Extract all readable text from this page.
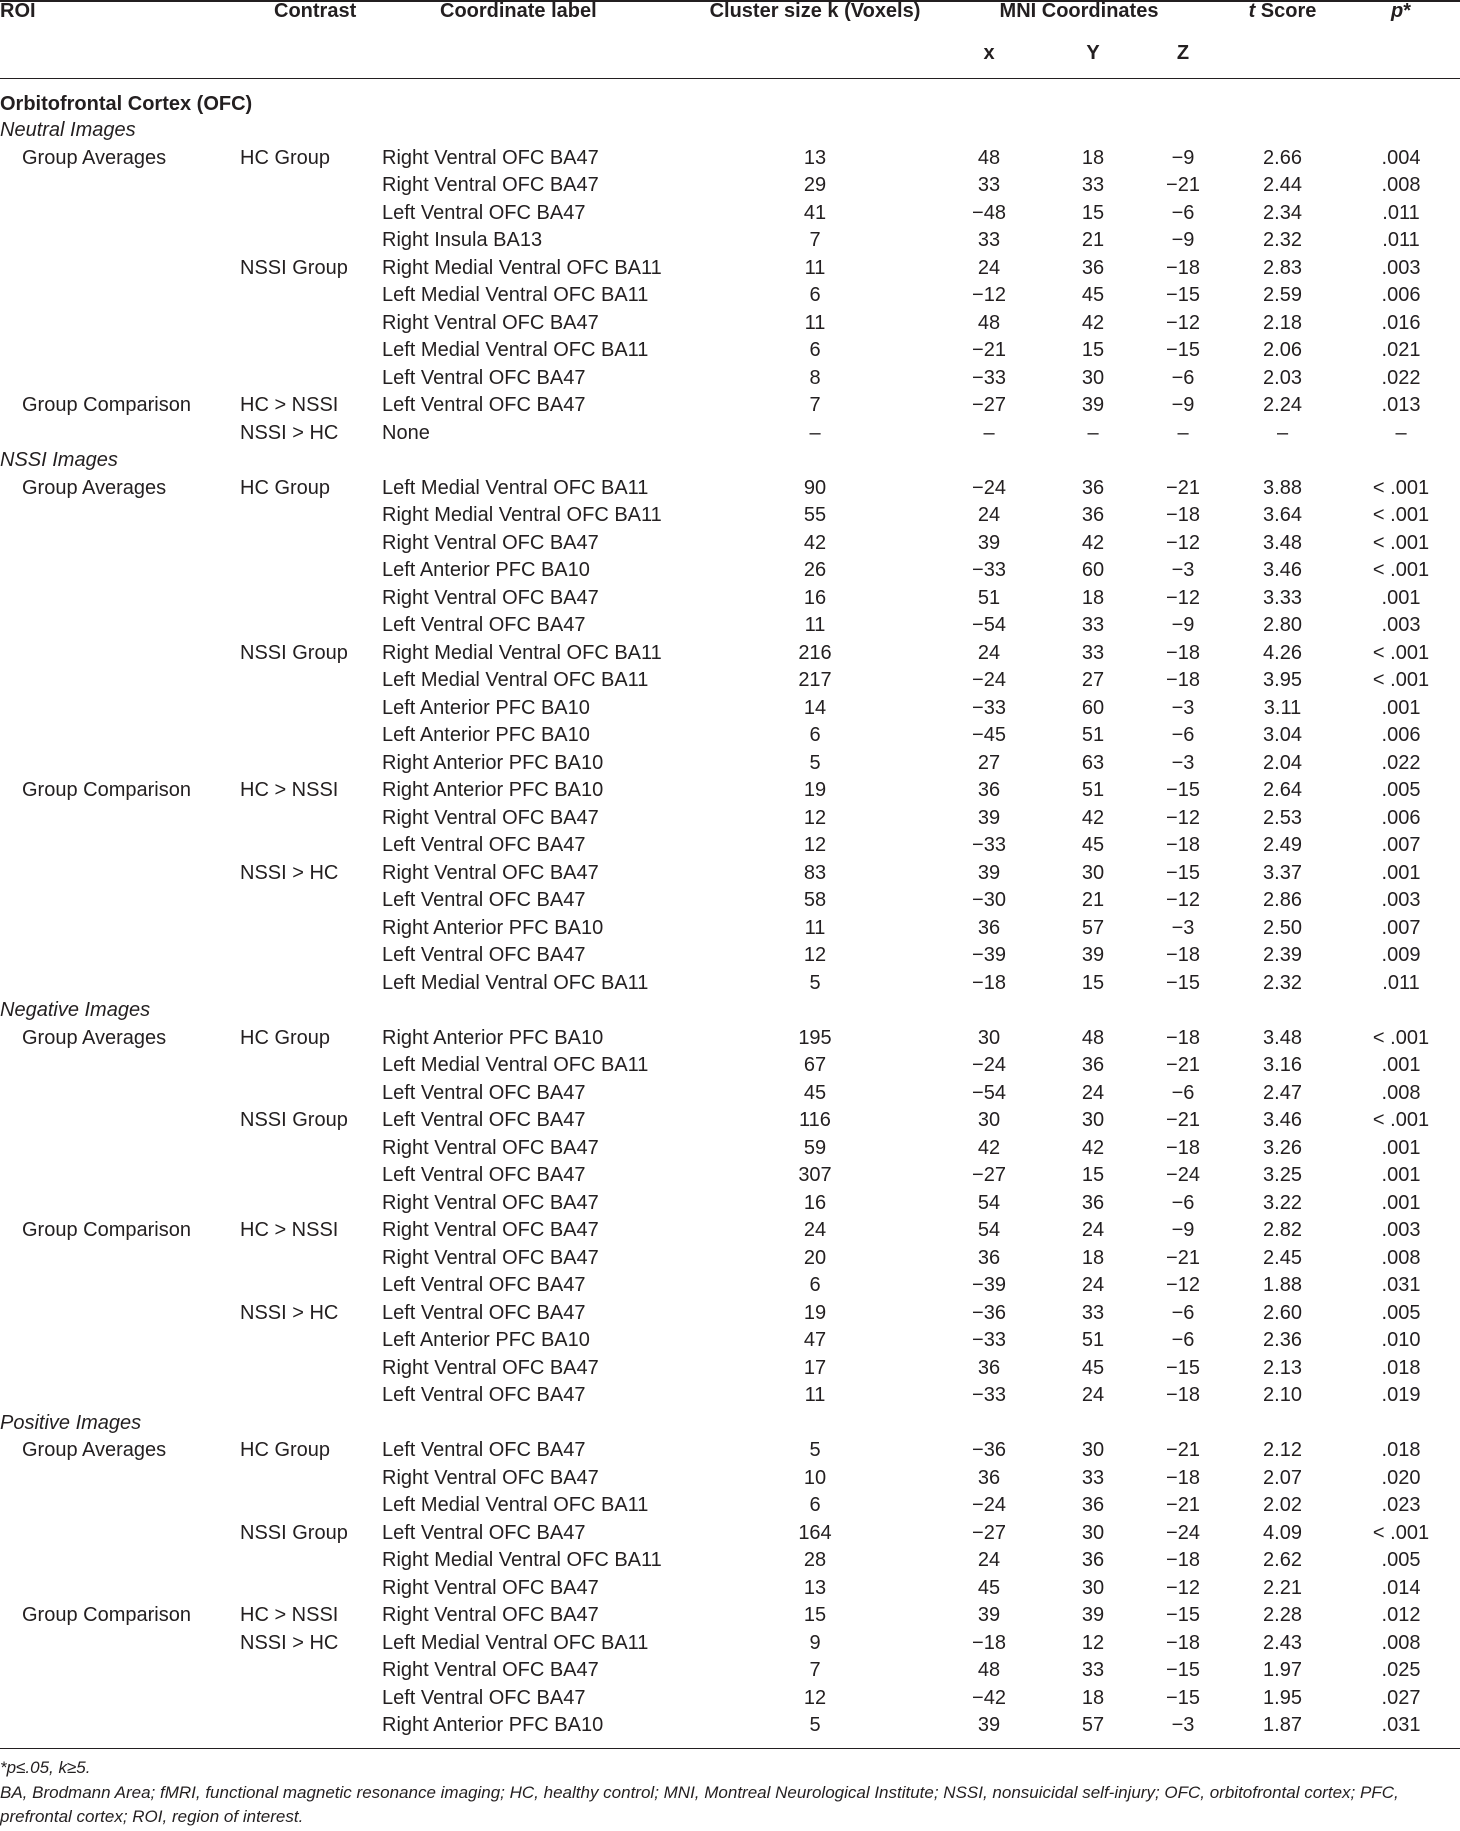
ROI	Contrast	Coordinate label	Cluster size k (Voxels)	MNI Coordinates			t Score	p*
				x	Y	Z		
Orbitofrontal Cortex (OFC)								
Neutral Images								
Group Averages	HC Group	Right Ventral OFC BA47	13	48	18	−9	2.66	.004
		Right Ventral OFC BA47	29	33	33	−21	2.44	.008
		Left Ventral OFC BA47	41	−48	15	−6	2.34	.011
		Right Insula BA13	7	33	21	−9	2.32	.011
	NSSI Group	Right Medial Ventral OFC BA11	11	24	36	−18	2.83	.003
		Left Medial Ventral OFC BA11	6	−12	45	−15	2.59	.006
		Right Ventral OFC BA47	11	48	42	−12	2.18	.016
		Left Medial Ventral OFC BA11	6	−21	15	−15	2.06	.021
		Left Ventral OFC BA47	8	−33	30	−6	2.03	.022
Group Comparison	HC > NSSI	Left Ventral OFC BA47	7	−27	39	−9	2.24	.013
	NSSI > HC	None	–	–	–	–	–	–
NSSI Images								
Group Averages	HC Group	Left Medial Ventral OFC BA11	90	−24	36	−21	3.88	< .001
		Right Medial Ventral OFC BA11	55	24	36	−18	3.64	< .001
		Right Ventral OFC BA47	42	39	42	−12	3.48	< .001
		Left Anterior PFC BA10	26	−33	60	−3	3.46	< .001
		Right Ventral OFC BA47	16	51	18	−12	3.33	.001
		Left Ventral OFC BA47	11	−54	33	−9	2.80	.003
	NSSI Group	Right Medial Ventral OFC BA11	216	24	33	−18	4.26	< .001
		Left Medial Ventral OFC BA11	217	−24	27	−18	3.95	< .001
		Left Anterior PFC BA10	14	−33	60	−3	3.11	.001
		Left Anterior PFC BA10	6	−45	51	−6	3.04	.006
		Right Anterior PFC BA10	5	27	63	−3	2.04	.022
Group Comparison	HC > NSSI	Right Anterior PFC BA10	19	36	51	−15	2.64	.005
		Right Ventral OFC BA47	12	39	42	−12	2.53	.006
		Left Ventral OFC BA47	12	−33	45	−18	2.49	.007
	NSSI > HC	Right Ventral OFC BA47	83	39	30	−15	3.37	.001
		Left Ventral OFC BA47	58	−30	21	−12	2.86	.003
		Right Anterior PFC BA10	11	36	57	−3	2.50	.007
		Left Ventral OFC BA47	12	−39	39	−18	2.39	.009
		Left Medial Ventral OFC BA11	5	−18	15	−15	2.32	.011
Negative Images								
Group Averages	HC Group	Right Anterior PFC BA10	195	30	48	−18	3.48	< .001
		Left Medial Ventral OFC BA11	67	−24	36	−21	3.16	.001
		Left Ventral OFC BA47	45	−54	24	−6	2.47	.008
	NSSI Group	Left Ventral OFC BA47	116	30	30	−21	3.46	< .001
		Right Ventral OFC BA47	59	42	42	−18	3.26	.001
		Left Ventral OFC BA47	307	−27	15	−24	3.25	.001
		Right Ventral OFC BA47	16	54	36	−6	3.22	.001
Group Comparison	HC > NSSI	Right Ventral OFC BA47	24	54	24	−9	2.82	.003
		Right Ventral OFC BA47	20	36	18	−21	2.45	.008
		Left Ventral OFC BA47	6	−39	24	−12	1.88	.031
	NSSI > HC	Left Ventral OFC BA47	19	−36	33	−6	2.60	.005
		Left Anterior PFC BA10	47	−33	51	−6	2.36	.010
		Right Ventral OFC BA47	17	36	45	−15	2.13	.018
		Left Ventral OFC BA47	11	−33	24	−18	2.10	.019
Positive Images								
Group Averages	HC Group	Left Ventral OFC BA47	5	−36	30	−21	2.12	.018
		Right Ventral OFC BA47	10	36	33	−18	2.07	.020
		Left Medial Ventral OFC BA11	6	−24	36	−21	2.02	.023
	NSSI Group	Left Ventral OFC BA47	164	−27	30	−24	4.09	< .001
		Right Medial Ventral OFC BA11	28	24	36	−18	2.62	.005
		Right Ventral OFC BA47	13	45	30	−12	2.21	.014
Group Comparison	HC > NSSI	Right Ventral OFC BA47	15	39	39	−15	2.28	.012
	NSSI > HC	Left Medial Ventral OFC BA11	9	−18	12	−18	2.43	.008
		Right Ventral OFC BA47	7	48	33	−15	1.97	.025
		Left Ventral OFC BA47	12	−42	18	−15	1.95	.027
		Right Anterior PFC BA10	5	39	57	−3	1.87	.031
*p≤.05, k≥5.
BA, Brodmann Area; fMRI, functional magnetic resonance imaging; HC, healthy control; MNI, Montreal Neurological Institute; NSSI, nonsuicidal self-injury; OFC, orbitofrontal cortex; PFC, prefrontal cortex; ROI, region of interest.
